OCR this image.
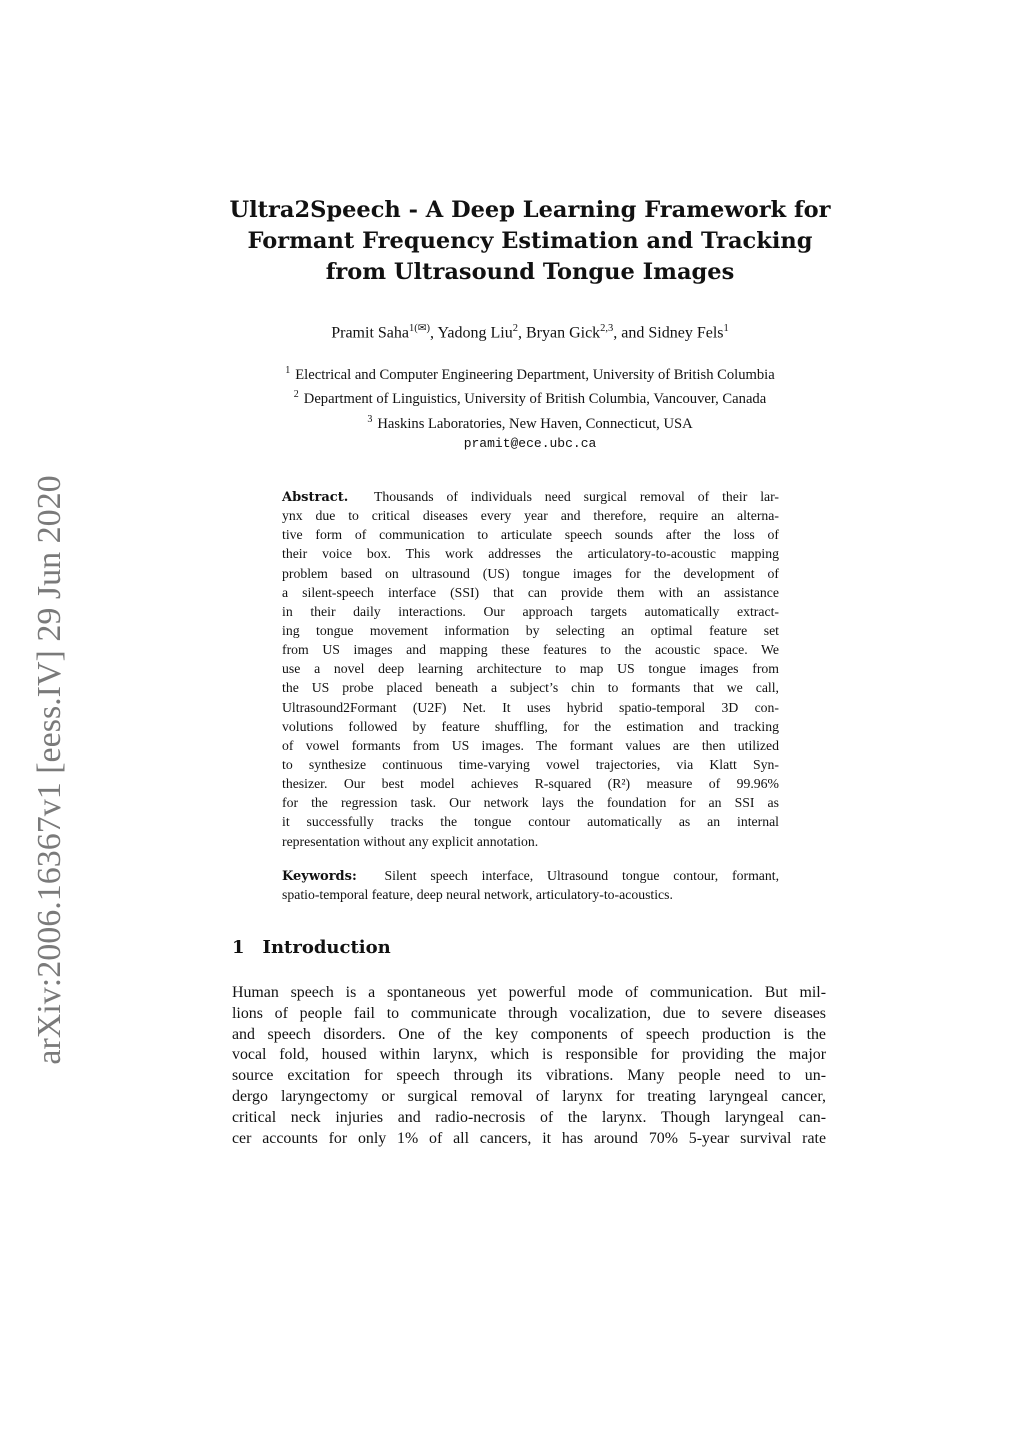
arXiv:2006.16367v1 [eess.IV] 29 Jun 2020
Ultra2Speech - A Deep Learning Framework for
Formant Frequency Estimation and Tracking
from Ultrasound Tongue Images
Pramit Saha$^{1(✉)}$, Yadong Liu$^2$, Bryan Gick$^{2,3}$, and Sidney Fels$^1$
$^1$ Electrical and Computer Engineering Department, University of British Columbia
$^2$ Department of Linguistics, University of British Columbia, Vancouver, Canada
$^3$ Haskins Laboratories, New Haven, Connecticut, USA
pramit@ece.ubc.ca
Abstract. Thousands of individuals need surgical removal of their lar-
ynx due to critical diseases every year and therefore, require an alterna-
tive form of communication to articulate speech sounds after the loss of
their voice box. This work addresses the articulatory-to-acoustic mapping
problem based on ultrasound (US) tongue images for the development of
a silent-speech interface (SSI) that can provide them with an assistance
in their daily interactions. Our approach targets automatically extract-
ing tongue movement information by selecting an optimal feature set
from US images and mapping these features to the acoustic space. We
use a novel deep learning architecture to map US tongue images from
the US probe placed beneath a subject’s chin to formants that we call,
Ultrasound2Formant (U2F) Net. It uses hybrid spatio-temporal 3D con-
volutions followed by feature shuffling, for the estimation and tracking
of vowel formants from US images. The formant values are then utilized
to synthesize continuous time-varying vowel trajectories, via Klatt Syn-
thesizer. Our best model achieves R-squared (R²) measure of 99.96%
for the regression task. Our network lays the foundation for an SSI as
it successfully tracks the tongue contour automatically as an internal
representation without any explicit annotation.
Keywords: Silent speech interface, Ultrasound tongue contour, formant,
spatio-temporal feature, deep neural network, articulatory-to-acoustics.
1 Introduction
Human speech is a spontaneous yet powerful mode of communication. But mil-
lions of people fail to communicate through vocalization, due to severe diseases
and speech disorders. One of the key components of speech production is the
vocal fold, housed within larynx, which is responsible for providing the major
source excitation for speech through its vibrations. Many people need to un-
dergo laryngectomy or surgical removal of larynx for treating laryngeal cancer,
critical neck injuries and radio-necrosis of the larynx. Though laryngeal can-
cer accounts for only 1% of all cancers, it has around 70% 5-year survival rate
